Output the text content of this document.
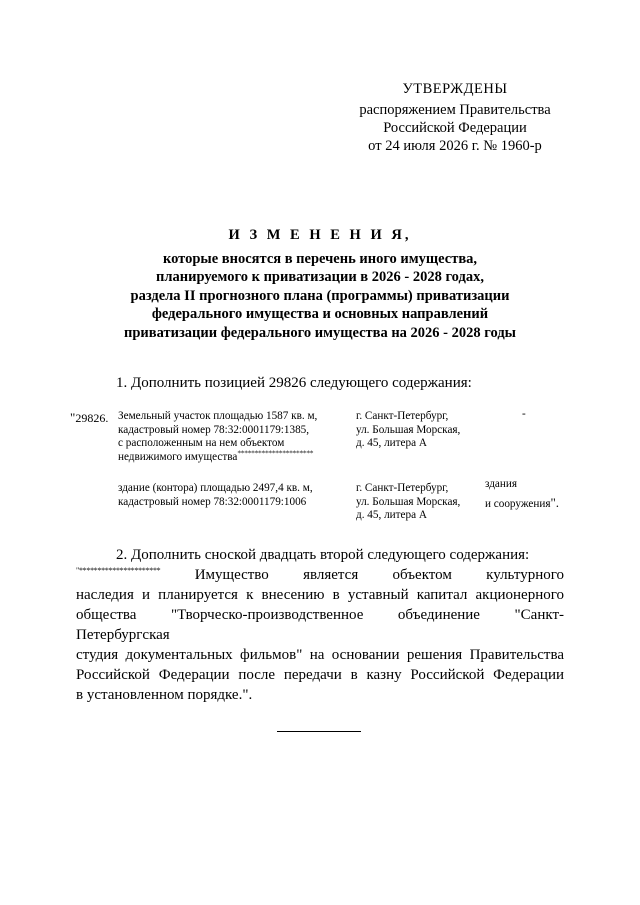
УТВЕРЖДЕНЫ
распоряжением Правительства
Российской Федерации
от 24 июля 2026 г. № 1960-р
И З М Е Н Е Н И Я,
которые вносятся в перечень иного имущества,
планируемого к приватизации в 2026 - 2028 годах,
раздела II прогнозного плана (программы) приватизации
федерального имущества и основных направлений
приватизации федерального имущества на 2026 - 2028 годы
1. Дополнить позицией 29826 следующего содержания:
"29826. Земельный участок площадью 1587 кв. м,
кадастровый номер 78:32:0001179:1385,
с расположенным на нем объектом
недвижимого имущества**********************
г. Санкт-Петербург,
ул. Большая Морская,
д. 45, литера А
-
здание (контора) площадью 2497,4 кв. м,
кадастровый номер 78:32:0001179:1006
г. Санкт-Петербург,
ул. Большая Морская,
д. 45, литера А
здания
и сооружения".
2. Дополнить сноской двадцать второй следующего содержания:
"********************** Имущество является объектом культурного
наследия и планируется к внесению в уставный капитал акционерного
общества "Творческо-производственное объединение "Санкт-Петербургская
студия документальных фильмов" на основании решения Правительства
Российской Федерации после передачи в казну Российской Федерации
в установленном порядке.".
